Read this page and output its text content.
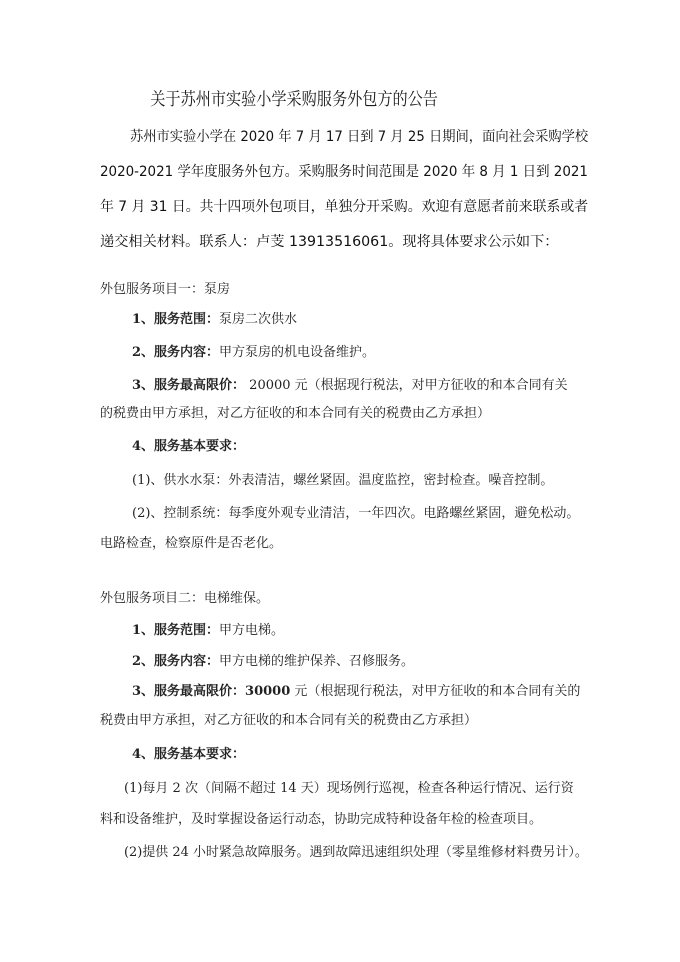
关于苏州市实验小学采购服务外包方的公告
苏州市实验小学在 2020 年 7 月 17 日到 7 月 25 日期间，面向社会采购学校
2020-2021 学年度服务外包方。采购服务时间范围是 2020 年 8 月 1 日到 2021
年 7 月 31 日。共十四项外包项目，单独分开采购。欢迎有意愿者前来联系或者
递交相关材料。联系人：卢芰 13913516061。现将具体要求公示如下：
外包服务项目一：泵房
1、服务范围：泵房二次供水
2、服务内容：甲方泵房的机电设备维护。
3、服务最高限价： 20000 元（根据现行税法，对甲方征收的和本合同有关
的税费由甲方承担，对乙方征收的和本合同有关的税费由乙方承担）
4、服务基本要求：
(1)、供水水泵：外表清洁，螺丝紧固。温度监控，密封检查。噪音控制。
(2)、控制系统：每季度外观专业清洁，一年四次。电路螺丝紧固，避免松动。
电路检查，检察原件是否老化。
外包服务项目二：电梯维保。
1、服务范围：甲方电梯。
2、服务内容：甲方电梯的维护保养、召修服务。
3、服务最高限价：30000 元（根据现行税法，对甲方征收的和本合同有关的
税费由甲方承担，对乙方征收的和本合同有关的税费由乙方承担）
4、服务基本要求：
(1)每月 2 次（间隔不超过 14 天）现场例行巡视，检查各种运行情况、运行资
料和设备维护，及时掌握设备运行动态，协助完成特种设备年检的检查项目。
(2)提供 24 小时紧急故障服务。遇到故障迅速组织处理（零星维修材料费另计）。
